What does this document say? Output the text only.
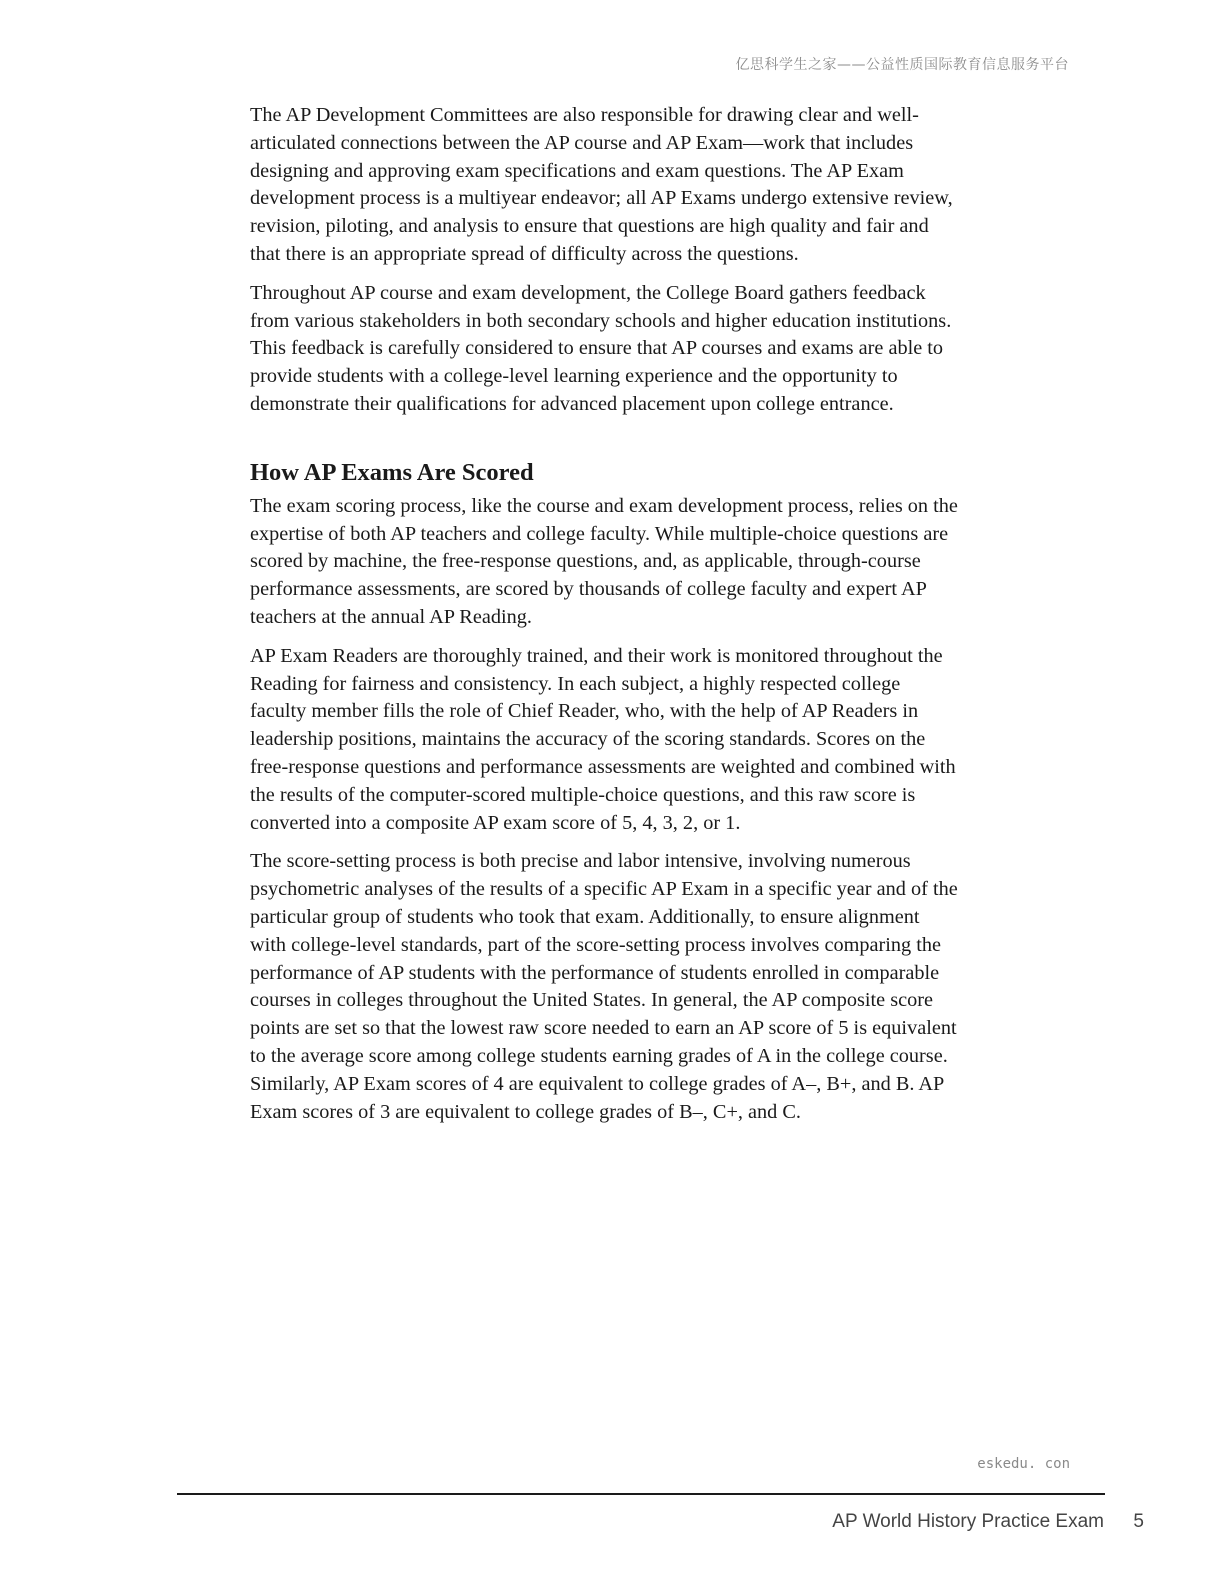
亿思科学生之家——公益性质国际教育信息服务平台

The AP Development Committees are also responsible for drawing clear and well-articulated connections between the AP course and AP Exam—work that includes designing and approving exam specifications and exam questions. The AP Exam development process is a multiyear endeavor; all AP Exams undergo extensive review, revision, piloting, and analysis to ensure that questions are high quality and fair and that there is an appropriate spread of difficulty across the questions.

Throughout AP course and exam development, the College Board gathers feedback from various stakeholders in both secondary schools and higher education institutions. This feedback is carefully considered to ensure that AP courses and exams are able to provide students with a college-level learning experience and the opportunity to demonstrate their qualifications for advanced placement upon college entrance.

How AP Exams Are Scored

The exam scoring process, like the course and exam development process, relies on the expertise of both AP teachers and college faculty. While multiple-choice questions are scored by machine, the free-response questions, and, as applicable, through-course performance assessments, are scored by thousands of college faculty and expert AP teachers at the annual AP Reading.

AP Exam Readers are thoroughly trained, and their work is monitored throughout the Reading for fairness and consistency. In each subject, a highly respected college faculty member fills the role of Chief Reader, who, with the help of AP Readers in leadership positions, maintains the accuracy of the scoring standards. Scores on the free-response questions and performance assessments are weighted and combined with the results of the computer-scored multiple-choice questions, and this raw score is converted into a composite AP exam score of 5, 4, 3, 2, or 1.

The score-setting process is both precise and labor intensive, involving numerous psychometric analyses of the results of a specific AP Exam in a specific year and of the particular group of students who took that exam. Additionally, to ensure alignment with college-level standards, part of the score-setting process involves comparing the performance of AP students with the performance of students enrolled in comparable courses in colleges throughout the United States. In general, the AP composite score points are set so that the lowest raw score needed to earn an AP score of 5 is equivalent to the average score among college students earning grades of A in the college course. Similarly, AP Exam scores of 4 are equivalent to college grades of A–, B+, and B. AP Exam scores of 3 are equivalent to college grades of B–, C+, and C.

eskedu. con
AP World History Practice Exam 5
